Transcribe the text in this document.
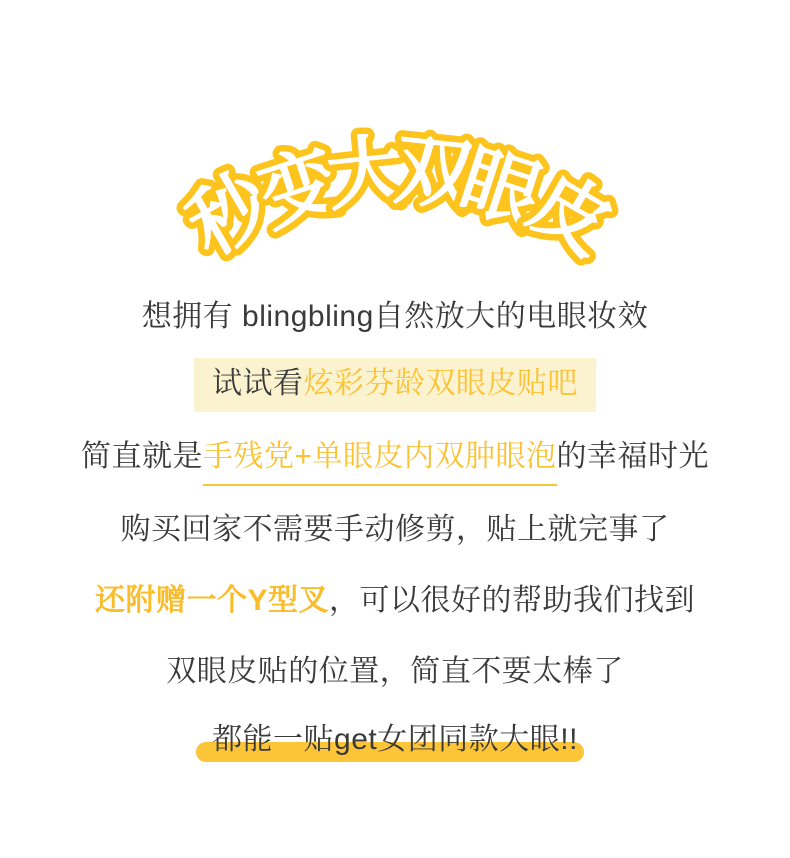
秒
变
大
双
眼
皮
想拥有 blingbling自然放大的电眼妆效
试试看炫彩芬龄双眼皮贴吧
简直就是手残党+单眼皮内双肿眼泡的幸福时光
购买回家不需要手动修剪，贴上就完事了
还附赠一个Y型叉，可以很好的帮助我们找到
双眼皮贴的位置，简直不要太棒了
都能一贴get女团同款大眼!!
